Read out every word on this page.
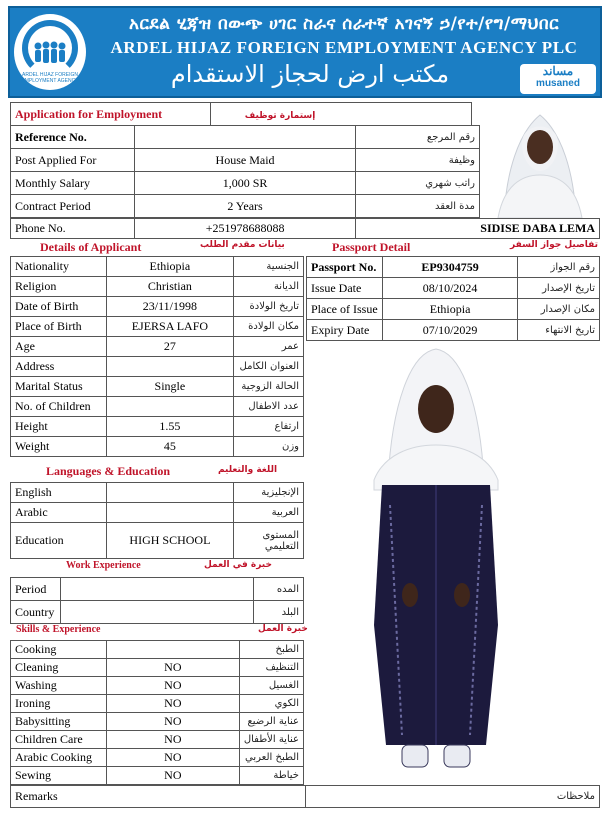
ARDEL HIJAZ FOREIGN EMPLOYMENT AGENCY
አርደል ሂጃዝ በውጭ ሀገር ስራና ሰራተኛ አገናኝ ኃ/የተ/የግ/ማህበር
ARDEL HIJAZ FOREIGN EMPLOYMENT AGENCY PLC
مكتب ارض لحجاز الاستقدام	مساند
musaned
Application for Employment	إستمارة توظيف
Reference No.		رقم المرجع
Post Applied For	House Maid	وظيفة
Monthly Salary	1,000 SR	راتب شهري
Contract Period	2 Years	مدة العقد
Phone No.	+251978688088	SIDISE DABA LEMA
Details of Applicant	بيانات مقدم الطلب	Passport Detail	تفاصيل جواز السفر
Nationality	Ethiopia	الجنسية
Religion	Christian	الديانة
Date of Birth	23/11/1998	تاريخ الولادة
Place of Birth	EJERSA LAFO	مكان الولادة
Age	27	عمر
Address		العنوان الكامل
Marital Status	Single	الحالة الزوجية
No. of Children		عدد الاطفال
Height	1.55	ارتفاع
Weight	45	وزن
Passport No.	EP9304759	رقم الجواز
Issue Date	08/10/2024	تاريخ الإصدار
Place of Issue	Ethiopia	مكان الإصدار
Expiry Date	07/10/2029	تاريخ الانتهاء
Languages & Education	اللغة والتعليم
English		الإنجليزية
Arabic		العربية
Education	HIGH SCHOOL	المستوى التعليمي
Work Experience	خبرة في العمل
Period		المده
Country		البلد
Skills & Experience	خبرة العمل
Cooking		الطبخ
Cleaning	NO	التنظيف
Washing	NO	الغسيل
Ironing	NO	الكوي
Babysitting	NO	عناية الرضيع
Children Care	NO	عناية الأطفال
Arabic Cooking	NO	الطبخ العربي
Sewing	NO	خياطة
Remarks	ملاحظات
